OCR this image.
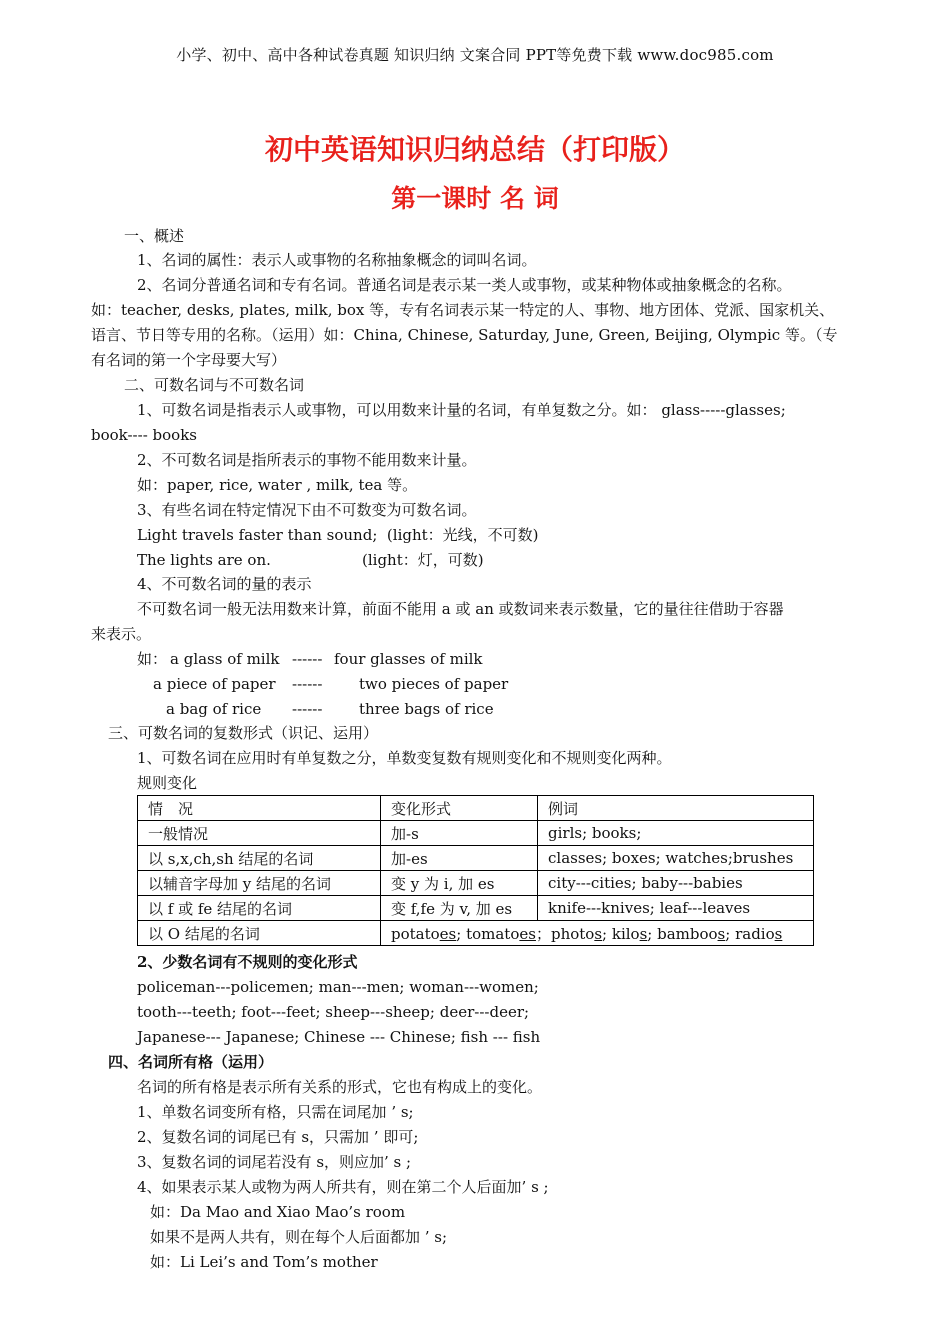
小学、初中、高中各种试卷真题 知识归纳 文案合同 PPT等免费下载 www.doc985.com
初中英语知识归纳总结（打印版）
第一课时 名 词
一、概述
1、名词的属性：表示人或事物的名称抽象概念的词叫名词。
2、名词分普通名词和专有名词。普通名词是表示某一类人或事物，或某种物体或抽象概念的名称。
如：teacher, desks, plates, milk, box 等，专有名词表示某一特定的人、事物、地方团体、党派、国家机关、
语言、节日等专用的名称。（运用）如：China, Chinese, Saturday, June, Green, Beijing, Olympic 等。（专
有名词的第一个字母要大写）
二、可数名词与不可数名词
1、可数名词是指表示人或事物，可以用数来计量的名词，有单复数之分。如： glass-----glasses;
book---- books
2、不可数名词是指所表示的事物不能用数来计量。
如：paper, rice, water , milk, tea 等。
3、有些名词在特定情况下由不可数变为可数名词。
Light travels faster than sound; (light：光线，不可数)
The lights are on.	(light：灯，可数)
4、不可数名词的量的表示
不可数名词一般无法用数来计算，前面不能用 a 或 an 或数词来表示数量，它的量往往借助于容器
来表示。
如： a glass of milk ------ four glasses of milk
a piece of paper ------ two pieces of paper
a bag of rice ------ three bags of rice
三、可数名词的复数形式（识记、运用）
1、可数名词在应用时有单复数之分，单数变复数有规则变化和不规则变化两种。
规则变化
情　况	变化形式	例词
一般情况	加-s	girls; books;
以 s,x,ch,sh 结尾的名词	加-es	classes; boxes; watches;brushes
以辅音字母加 y 结尾的名词	变 y 为 i, 加 es	city---cities; baby---babies
以 f 或 fe 结尾的名词	变 f,fe 为 v, 加 es	knife---knives; leaf---leaves
以 O 结尾的名词	potatoes; tomatoes；photos; kilos; bamboos; radios	
2、少数名词有不规则的变化形式
policeman---policemen; man---men; woman---women;
tooth---teeth; foot---feet; sheep---sheep; deer---deer;
Japanese--- Japanese; Chinese --- Chinese; fish --- fish
四、名词所有格（运用）
名词的所有格是表示所有关系的形式，它也有构成上的变化。
1、单数名词变所有格，只需在词尾加 ’ s;
2、复数名词的词尾已有 s，只需加 ’ 即可;
3、复数名词的词尾若没有 s，则应加’ s ;
4、如果表示某人或物为两人所共有，则在第二个人后面加’ s ;
如：Da Mao and Xiao Mao’s room
如果不是两人共有，则在每个人后面都加 ’ s;
如：Li Lei’s and Tom’s mother
